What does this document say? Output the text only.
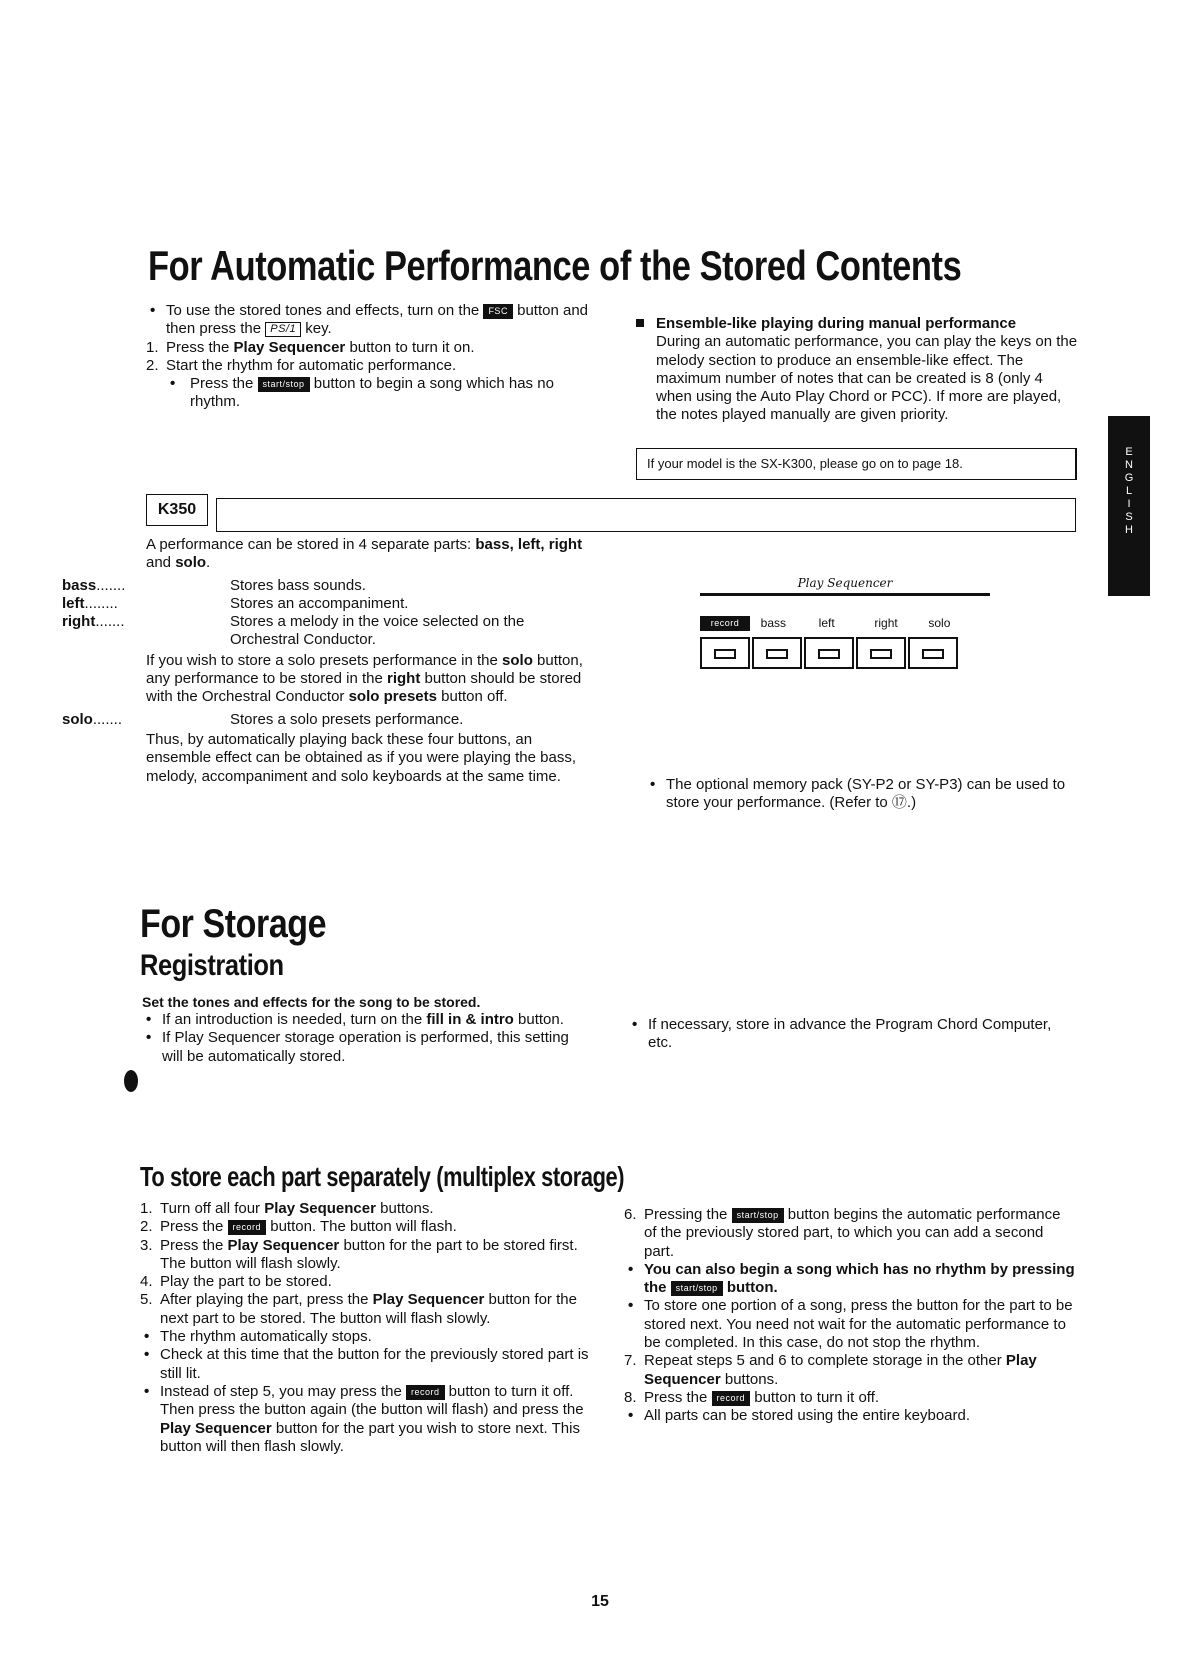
For Automatic Performance of the Stored Contents
• To use the stored tones and effects, turn on the FSC button and then press the PS/1 key.
1. Press the Play Sequencer button to turn it on.
2. Start the rhythm for automatic performance.
• Press the start/stop button to begin a song which has no rhythm.
Ensemble-like playing during manual performance

During an automatic performance, you can play the keys on the melody section to produce an ensemble-like effect. The maximum number of notes that can be created is 8 (only 4 when using the Auto Play Chord or PCC). If more are played, the notes played manually are given priority.

If your model is the SX-K300, please go on to page 18.	ENGLISH
K350

A performance can be stored in 4 separate parts: bass, left, right and solo.

bass.......	Stores bass sounds.

left........	Stores an accompaniment.

right.......	Stores a melody in the voice selected on the Orchestral Conductor.

If you wish to store a solo presets performance in the solo button, any performance to be stored in the right button should be stored with the Orchestral Conductor solo presets button off.

solo.......	Stores a solo presets performance.

Thus, by automatically playing back these four buttons, an ensemble effect can be obtained as if you were playing the bass, melody, accompaniment and solo keyboards at the same time.

Play Sequencer
record bass	left	right	solo
• The optional memory pack (SY-P2 or SY-P3) can be used to store your performance. (Refer to ⑰.)
For Storage
Registration

Set the tones and effects for the song to be stored.

• If an introduction is needed, turn on the fill in & intro button.
• If Play Sequencer storage operation is performed, this setting will be automatically stored.
• If necessary, store in advance the Program Chord Computer, etc.
To store each part separately (multiplex storage)
1. Turn off all four Play Sequencer buttons.
2. Press the record button. The button will flash.
3. Press the Play Sequencer button for the part to be stored first. The button will flash slowly.
4. Play the part to be stored.
5. After playing the part, press the Play Sequencer button for the next part to be stored. The button will flash slowly.
• The rhythm automatically stops.
• Check at this time that the button for the previously stored part is still lit.
• Instead of step 5, you may press the record button to turn it off. Then press the button again (the button will flash) and press the Play Sequencer button for the part you wish to store next. This button will then flash slowly.
6. Pressing the start/stop button begins the automatic performance of the previously stored part, to which you can add a second part.
• You can also begin a song which has no rhythm by pressing the start/stop button.
• To store one portion of a song, press the button for the part to be stored next. You need not wait for the automatic performance to be completed. In this case, do not stop the rhythm.
7. Repeat steps 5 and 6 to complete storage in the other Play Sequencer buttons.
8. Press the record button to turn it off.
• All parts can be stored using the entire keyboard.
15
